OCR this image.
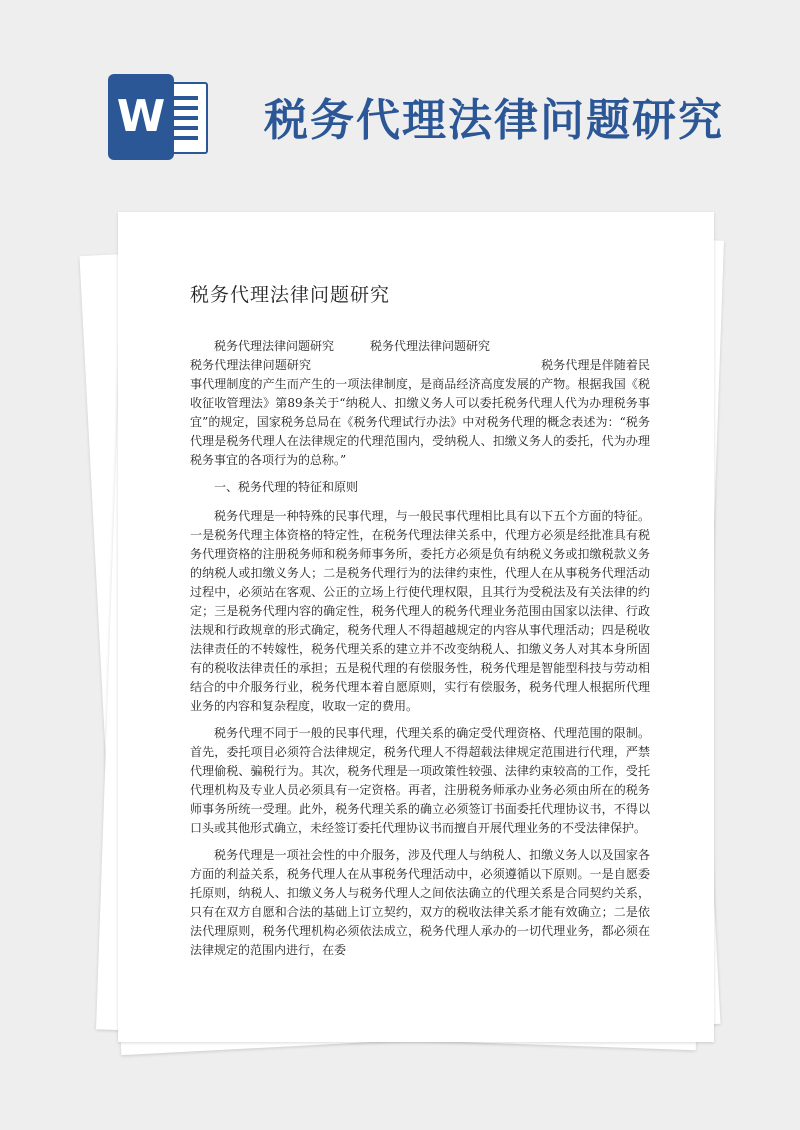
W 税务代理法律问题研究
税务代理法律问题研究
税务代理法律问题研究	税务代理法律问题研究

税务代理法律问题研究　　　　　　　　　　　　　　　　　　　税务代理是伴随着民事代理制度的产生而产生的一项法律制度，是商品经济高度发展的产物。根据我国《税收征收管理法》第89条关于“纳税人、扣缴义务人可以委托税务代理人代为办理税务事宜”的规定，国家税务总局在《税务代理试行办法》中对税务代理的概念表述为：“税务代理是税务代理人在法律规定的代理范围内，受纳税人、扣缴义务人的委托，代为办理税务事宜的各项行为的总称。”

一、税务代理的特征和原则

税务代理是一种特殊的民事代理，与一般民事代理相比具有以下五个方面的特征。一是税务代理主体资格的特定性，在税务代理法律关系中，代理方必须是经批准具有税务代理资格的注册税务师和税务师事务所，委托方必须是负有纳税义务或扣缴税款义务的纳税人或扣缴义务人；二是税务代理行为的法律约束性，代理人在从事税务代理活动过程中，必须站在客观、公正的立场上行使代理权限，且其行为受税法及有关法律的约定；三是税务代理内容的确定性，税务代理人的税务代理业务范围由国家以法律、行政法规和行政规章的形式确定，税务代理人不得超越规定的内容从事代理活动；四是税收法律责任的不转嫁性，税务代理关系的建立并不改变纳税人、扣缴义务人对其本身所固有的税收法律责任的承担；五是税代理的有偿服务性，税务代理是智能型科技与劳动相结合的中介服务行业，税务代理本着自愿原则，实行有偿服务，税务代理人根据所代理业务的内容和复杂程度，收取一定的费用。

税务代理不同于一般的民事代理，代理关系的确定受代理资格、代理范围的限制。首先，委托项目必须符合法律规定，税务代理人不得超载法律规定范围进行代理，严禁代理偷税、骗税行为。其次，税务代理是一项政策性较强、法律约束较高的工作，受托代理机构及专业人员必须具有一定资格。再者，注册税务师承办业务必须由所在的税务师事务所统一受理。此外，税务代理关系的确立必须签订书面委托代理协议书，不得以口头或其他形式确立，未经签订委托代理协议书而擅自开展代理业务的不受法律保护。

税务代理是一项社会性的中介服务，涉及代理人与纳税人、扣缴义务人以及国家各方面的利益关系，税务代理人在从事税务代理活动中，必须遵循以下原则。一是自愿委托原则，纳税人、扣缴义务人与税务代理人之间依法确立的代理关系是合同契约关系，只有在双方自愿和合法的基础上订立契约，双方的税收法律关系才能有效确立；二是依法代理原则，税务代理机构必须依法成立，税务代理人承办的一切代理业务，都必须在法律规定的范围内进行，在委
